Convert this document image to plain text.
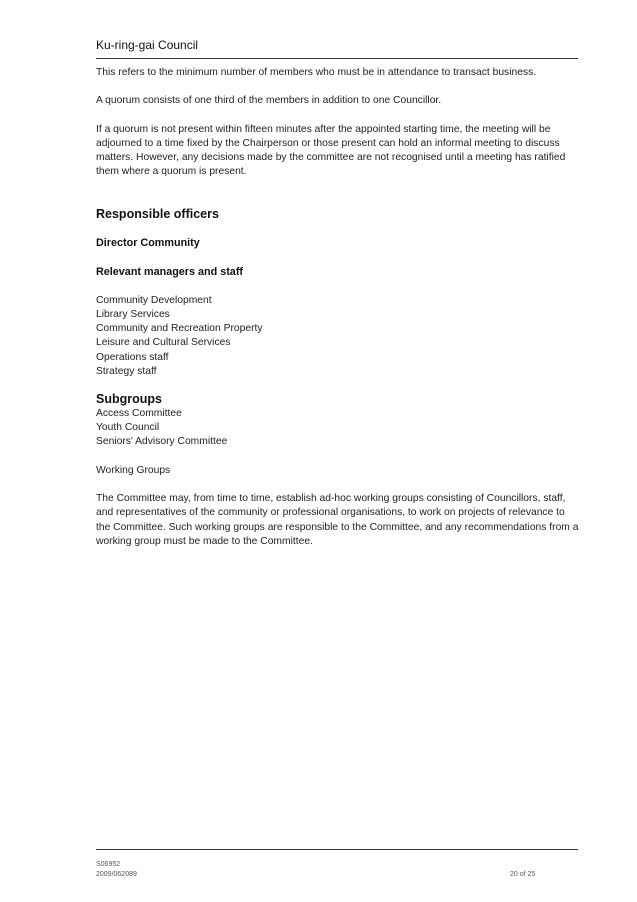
Ku-ring-gai Council

This refers to the minimum number of members who must be in attendance to transact business.

A quorum consists of one third of the members in addition to one Councillor.

If a quorum is not present within fifteen minutes after the appointed starting time, the meeting will be adjourned to a time fixed by the Chairperson or those present can hold an informal meeting to discuss matters. However, any decisions made by the committee are not recognised until a meeting has ratified them where a quorum is present.

Responsible officers
Director Community
Relevant managers and staff
Community Development
Library Services
Community and Recreation Property
Leisure and Cultural Services
Operations staff
Strategy staff
Subgroups
Access Committee
Youth Council
Seniors' Advisory Committee

Working Groups

The Committee may, from time to time, establish ad-hoc working groups consisting of Councillors, staff, and representatives of the community or professional organisations, to work on projects of relevance to the Committee. Such working groups are responsible to the Committee, and any recommendations from a working group must be made to the Committee.

S06952
2009/062089	20 of 25
